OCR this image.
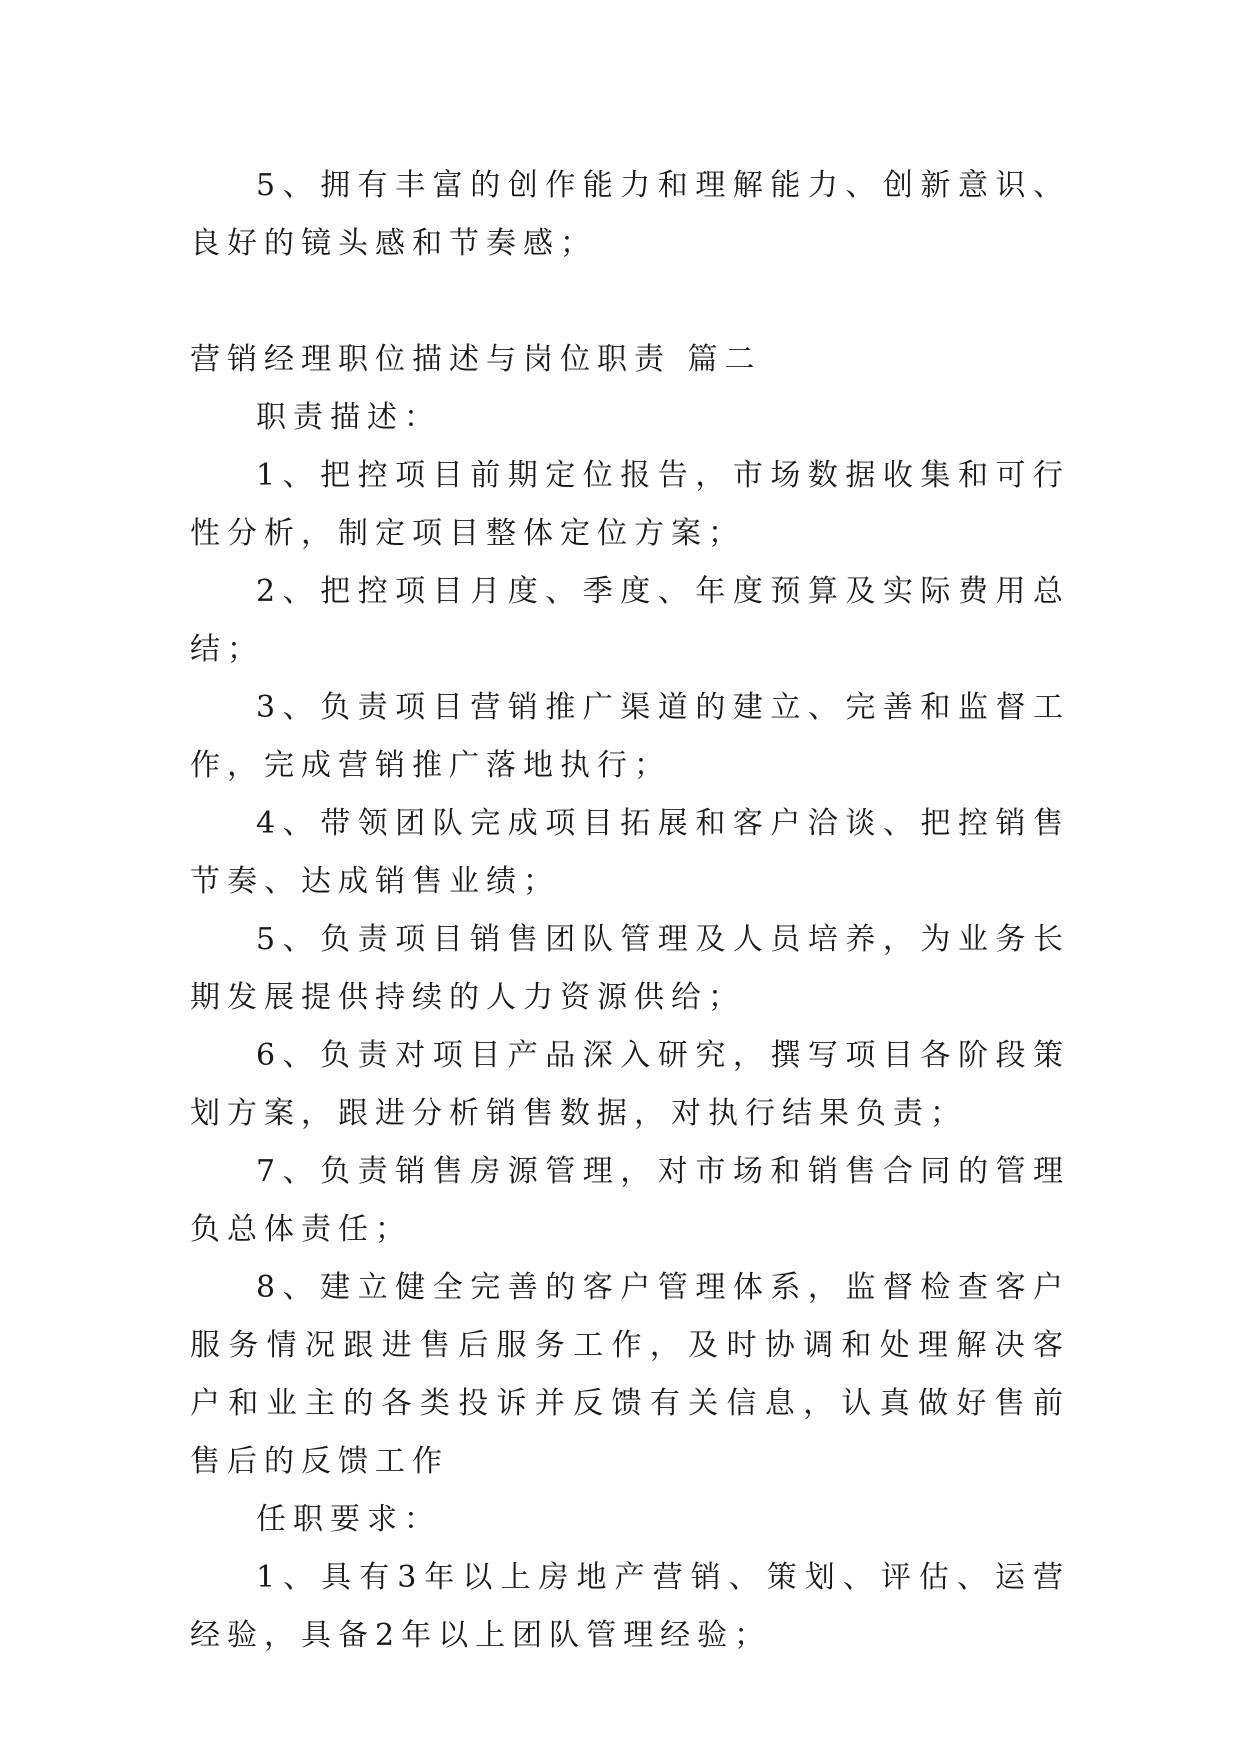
5、拥有丰富的创作能力和理解能力、创新意识、良好的镜头感和节奏感；

营销经理职位描述与岗位职责 篇二

职责描述：

1、把控项目前期定位报告，市场数据收集和可行性分析，制定项目整体定位方案；

2、把控项目月度、季度、年度预算及实际费用总结；

3、负责项目营销推广渠道的建立、完善和监督工作，完成营销推广落地执行；

4、带领团队完成项目拓展和客户洽谈、把控销售节奏、达成销售业绩；

5、负责项目销售团队管理及人员培养，为业务长期发展提供持续的人力资源供给；

6、负责对项目产品深入研究，撰写项目各阶段策划方案，跟进分析销售数据，对执行结果负责；

7、负责销售房源管理，对市场和销售合同的管理负总体责任；

8、建立健全完善的客户管理体系，监督检查客户服务情况跟进售后服务工作，及时协调和处理解决客户和业主的各类投诉并反馈有关信息，认真做好售前售后的反馈工作

任职要求：

1、具有3年以上房地产营销、策划、评估、运营经验，具备2年以上团队管理经验；
